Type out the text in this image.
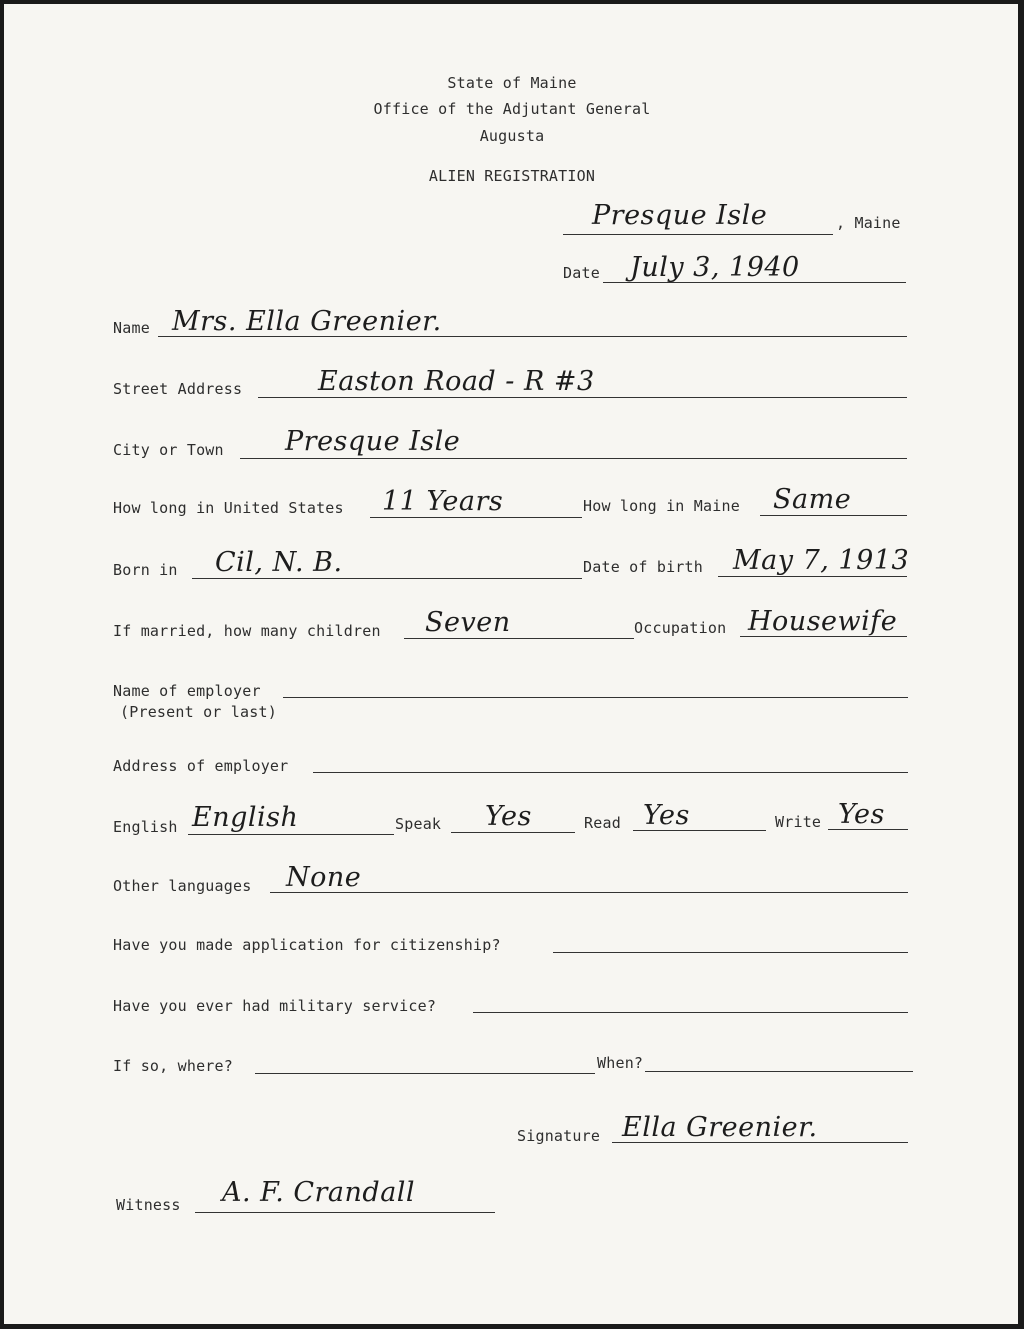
State of Maine
Office of the Adjutant General
Augusta
ALIEN REGISTRATION
Presque Isle	, Maine
Date July 3, 1940
Name Mrs. Ella Greenier.
Street Address	Easton Road - R #3
City or Town Presque Isle
How long in United States 11 Years	How long in Maine Same
Born in Cil, N. B.	Date of birth May 7, 1913
If married, how many children Seven	Occupation Housewife
Name of employer
(Present or last)
Address of employer
English English	Speak Yes	Read Yes	Write Yes
Other languages None
Have you made application for citizenship?
Have you ever had military service?
If so, where?	When?
Signature Ella Greenier.
Witness A. F. Crandall
